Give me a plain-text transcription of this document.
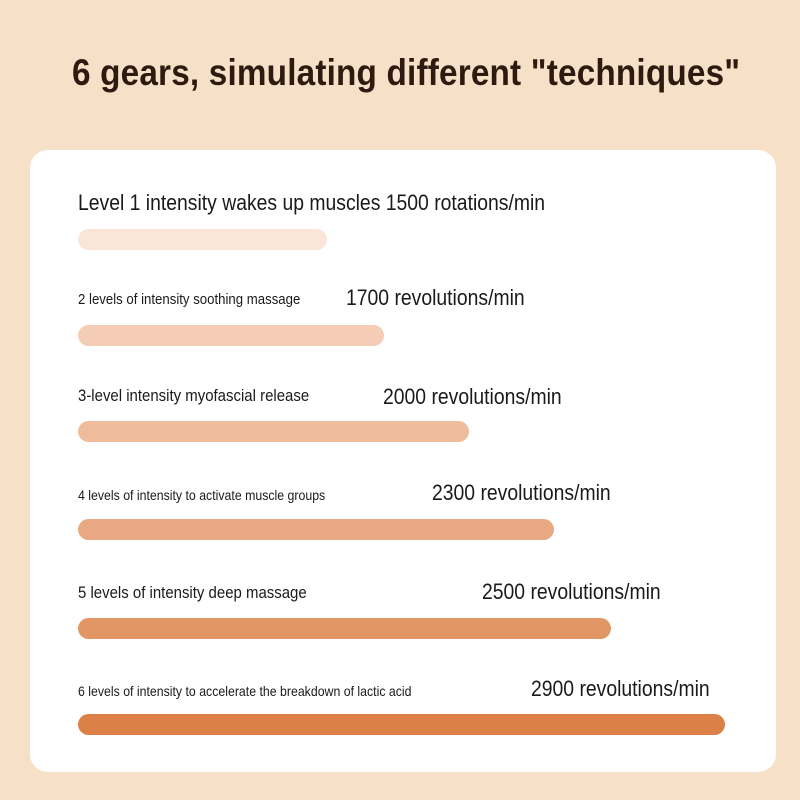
6 gears, simulating different "techniques"
Level 1 intensity wakes up muscles 1500 rotations/min
2 levels of intensity soothing massage 1700 revolutions/min
3-level intensity myofascial release	2000 revolutions/min
4 levels of intensity to activate muscle groups	2300 revolutions/min
5 levels of intensity deep massage	2500 revolutions/min
6 levels of intensity to accelerate the breakdown of lactic acid	2900 revolutions/min
